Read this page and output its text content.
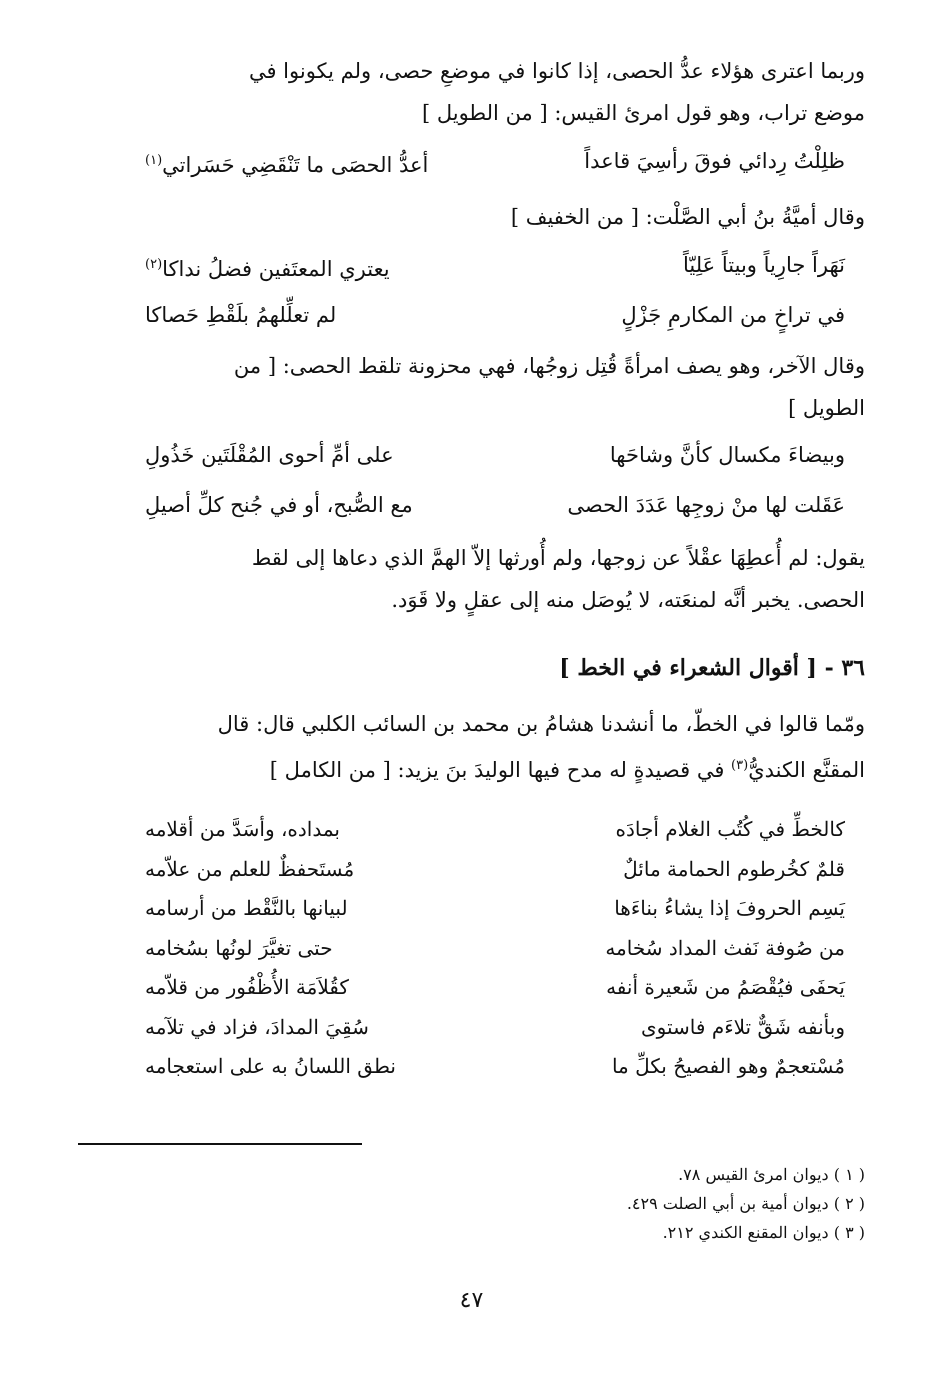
وربما اعترى هؤلاء عدُّ الحصى، إذا كانوا في موضعِ حصى، ولم يكونوا في
موضع تراب، وهو قول امرئ القيس: [ من الطويل ]
ظلِلْتُ رِدائي فوقَ رأسِيَ قاعداً
أعدُّ الحصَى ما تَنْقَضِي حَسَراتي$^{(١)}$
وقال أميَّةُ بنُ أبي الصَّلْت: [ من الخفيف ]
نَهَراً جارِياً وبيتاً عَلِيّاً
يعتري المعتَفين فضلُ نداكا$^{(٢)}$
في تراخٍ من المكارمِ جَزْلٍ
لم تعلِّلهمُ بلَقْطِ حَصاكا
وقال الآخر، وهو يصف امرأةً قُتِل زوجُها، فهي محزونة تلقط الحصى: [ من
الطويل ]
وبيضاءَ مكسال كأنَّ وشاحَها
على أمِّ أحوى المُقْلَتَين خَذُولِ
عَقَلت لها منْ زوجِها عَدَدَ الحصى
مع الصُّبح، أو في جُنح كلِّ أصيلِ
يقول: لم أُعطِهَا عقْلاً عن زوجها، ولم أُورثها إلاّ الهمَّ الذي دعاها إلى لقط
الحصى. يخبر أنَّه لمنعَته، لا يُوصَل منه إلى عقلٍ ولا قَوَد.
٣٦ - [ أقوال الشعراء في الخط ]
ومّما قالوا في الخطّ، ما أنشدنا هشامُ بن محمد بن السائب الكلبي قال: قال
المقنَّع الكنديُّ$^{(٣)}$ في قصيدةٍ له مدح فيها الوليدَ بنَ يزيد: [ من الكامل ]
كالخطِّ في كُتُب الغلام أجادَه
بمداده، وأسَدَّ من أقلامه
قلمٌ كخُرطوم الحمامة مائلٌ
مُستَحفظٌ للعلم من علاّمه
يَسِم الحروفَ إذا يشاءُ بناءَها
لبيانها بالنَّقْط من أرسامه
من صُوفة نَفث المداد سُخامه
حتى تغيَّرَ لونُها بسُخامه
يَحفَى فيُقْصَمُ من شَعيرة أنفه
كقُلاَمَة الأُظْفُور من قلاّمه
وبأنفه شَقٌّ تلاءَم فاستوى
سُقِيَ المدادَ، فزاد في تلآمه
مُسْتعجمٌ وهو الفصيحُ بكلِّ ما
نطق اللسانُ به على استعجامه
( ١ ) ديوان امرئ القيس ٧٨.
( ٢ ) ديوان أمية بن أبي الصلت ٤٢٩.
( ٣ ) ديوان المقنع الكندي ٢١٢.
٤٧
